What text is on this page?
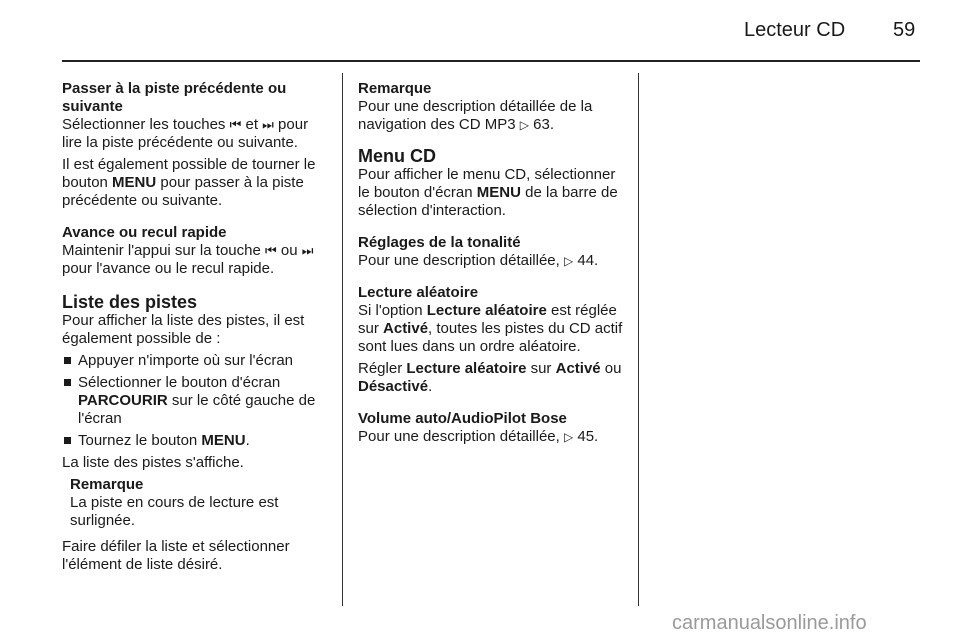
Lecteur CD 59
Passer à la piste précédente ou suivante

Sélectionner les touches ⏮ et ⏭ pour lire la piste précédente ou suivante.

Il est également possible de tourner le bouton MENU pour passer à la piste précédente ou suivante.

Avance ou recul rapide

Maintenir l'appui sur la touche ⏮ ou ⏭ pour l'avance ou le recul rapide.

Liste des pistes

Pour afficher la liste des pistes, il est également possible de :

Appuyer n'importe où sur l'écran
Sélectionner le bouton d'écran PARCOURIR sur le côté gauche de l'écran
Tournez le bouton MENU.

La liste des pistes s'affiche.

Remarque
La piste en cours de lecture est surlignée.

Faire défiler la liste et sélectionner l'élément de liste désiré.

Remarque
Pour une description détaillée de la navigation des CD MP3 ▷ 63.
Menu CD

Pour afficher le menu CD, sélectionner le bouton d'écran MENU de la barre de sélection d'interaction.

Réglages de la tonalité

Pour une description détaillée, ▷ 44.

Lecture aléatoire

Si l'option Lecture aléatoire est réglée sur Activé, toutes les pistes du CD actif sont lues dans un ordre aléatoire.

Régler Lecture aléatoire sur Activé ou Désactivé.

Volume auto/AudioPilot Bose

Pour une description détaillée, ▷ 45.

carmanualsonline.info
